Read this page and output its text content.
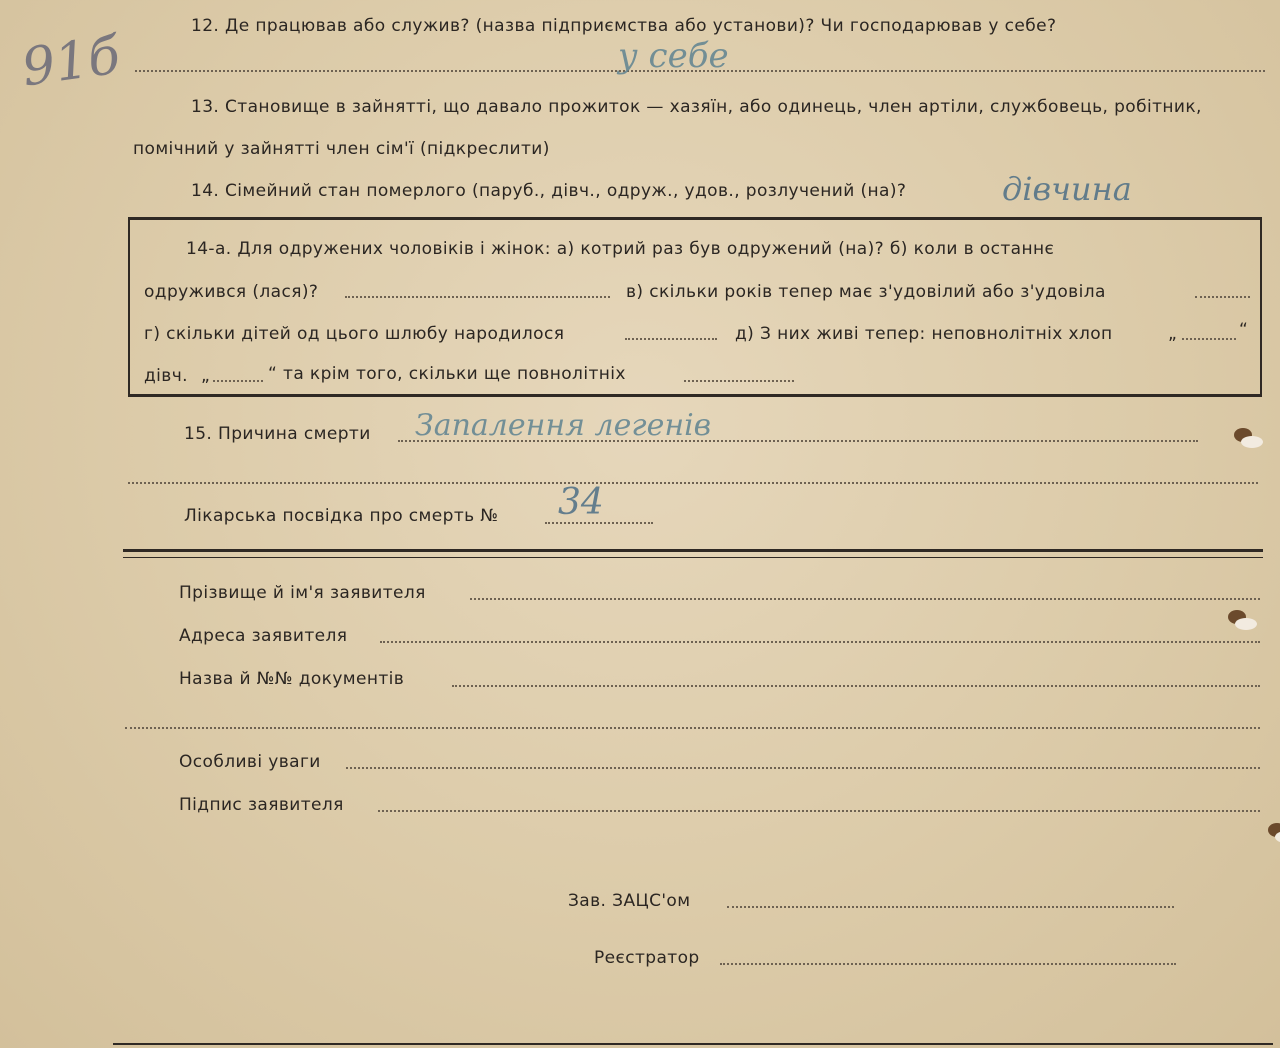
91б	12. Де працював або служив? (назва підприємства або установи)? Чи господарював у себе?
у себе
13. Становище в зайнятті, що давало прожиток — хазяїн, або одинець, член артіли, службовець, робітник,
помічний у зайнятті член сім'ї (підкреслити)
14. Сімейний стан померлого (паруб., дівч., одруж., удов., розлучений (на)?	дівчина
14-а. Для одружених чоловіків і жінок: а) котрий раз був одружений (на)? б) коли в останнє
одружився (лася)?	в) скільки років тепер має з'удовілий або з'удовіла
г) скільки дітей од цього шлюбу народилося	д) З них живі тепер: неповнолітніх хлоп	„	“
дівч. „	“ та крім того, скільки ще повнолітніх
15. Причина смерти Запалення легенів
Лікарська посвідка про смерть № 34
Прізвище й ім'я заявителя
Адреса заявителя
Назва й №№ документів
Особливі уваги
Підпис заявителя
Зав. ЗАЦС'ом
Реєстратор
